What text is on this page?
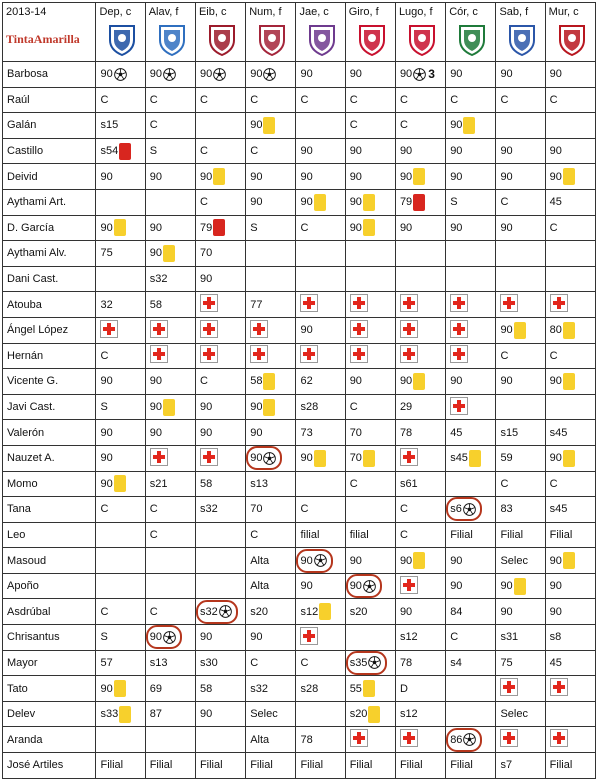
2013-14
TintaAmarilla	Dep, c	Alav, f	Eib, c	Num, f	Jae, c	Giro, f	Lugo, f	Cór, c	Sab, f	Mur, c

Barbosa	90	90	90	90	90	90	90 3	90	90	90

Raúl	C	C	C	C	C	C	C	C	C	C

Galán	s15	C		90		C	C	90		

Castillo	s54	S	C	C	90	90	90	90	90	90

Deivid	90	90	90	90	90	90	90	90	90	90

Aythami Art.			C	90	90	90	79	S	C	45

D. García	90	90	79	S	C	90	90	90	90	C

Aythami Alv.	75	90	70							

Dani Cast.		s32	90							

Atouba	32	58		77

Ángel López					90				90	80

Hernán	C								C	C

Vicente G.	90	90	C	58	62	90	90	90	90	90

Javi Cast.	S	90	90	90	s28	C	29

Valerón	90	90	90	90	73	70	78	45	s15	s45

Nauzet A.	90			90	90	70		s45	59	90

Momo	90	s21	58	s13		C	s61		C	C

Tana	C	C	s32	70	C		C	s6	83	s45

Leo		C		C	filial	filial	C	Filial	Filial	Filial

Masoud				Alta	90	90	90	90	Selec	90

Apoño				Alta	90	90		90	90	90

Asdrúbal	C	C	s32	s20	s12	s20	90	84	90	90

Chrisantus	S	90	90	90			s12	C	s31	s8

Mayor	57	s13	s30	C	C	s35	78	s4	75	45

Tato	90	69	58	s32	s28	55	D

Delev	s33	87	90	Selec		s20	s12		Selec	

Aranda				Alta	78			86

José Artiles	Filial	Filial	Filial	Filial	Filial	Filial	Filial	Filial	s7	Filial
